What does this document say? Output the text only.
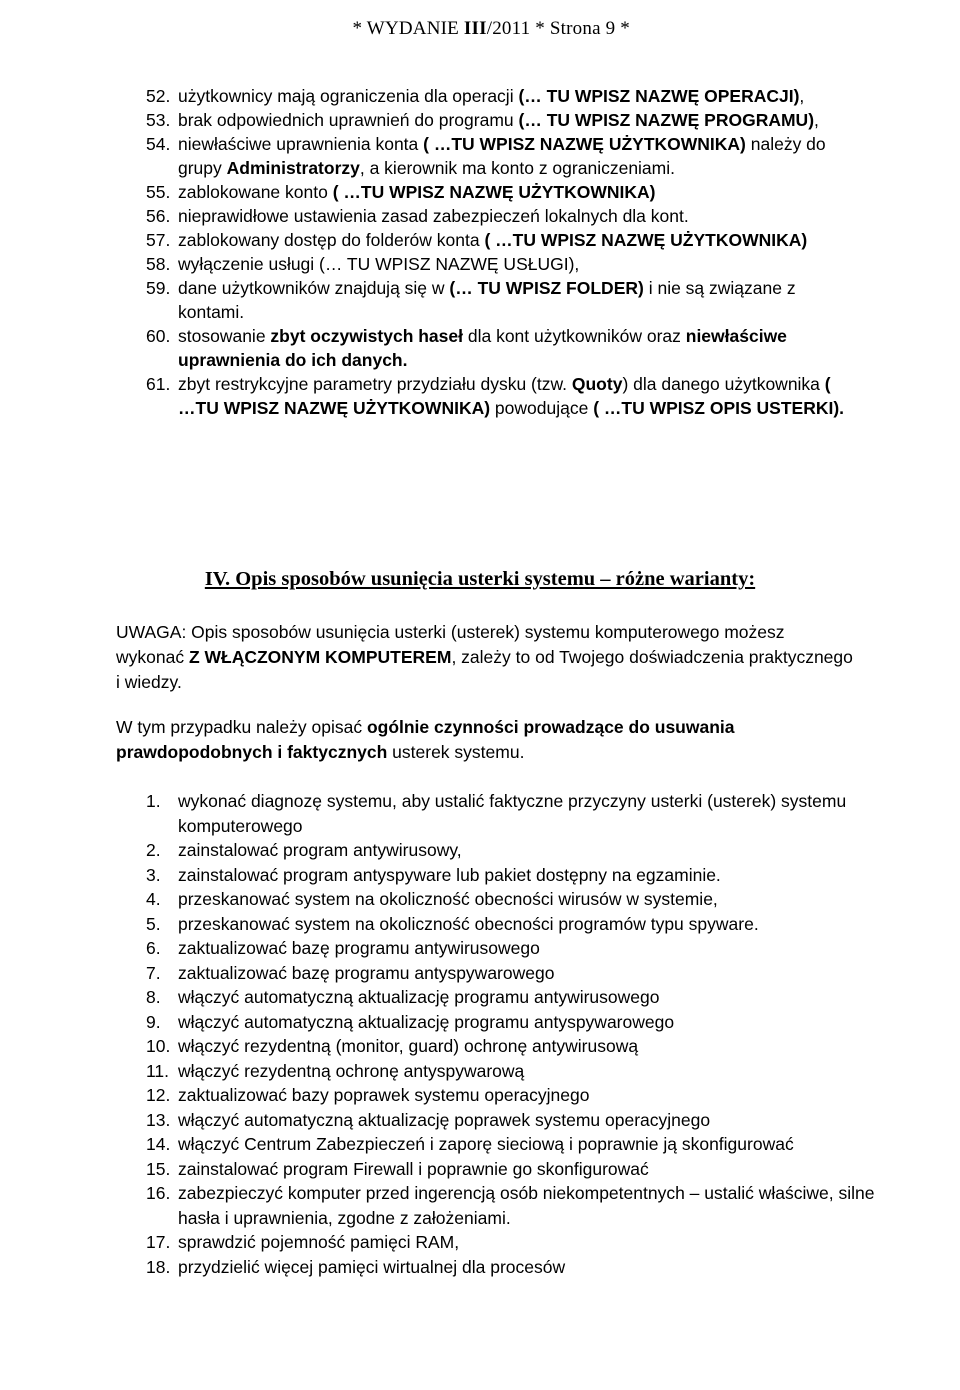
* WYDANIE III/2011 * Strona 9 *
52. użytkownicy mają ograniczenia dla operacji (… TU WPISZ NAZWĘ OPERACJI),
53. brak odpowiednich uprawnień do programu (… TU WPISZ NAZWĘ PROGRAMU),
54. niewłaściwe uprawnienia konta ( …TU WPISZ NAZWĘ UŻYTKOWNIKA) należy do grupy Administratorzy, a kierownik ma konto z ograniczeniami.
55. zablokowane konto ( …TU WPISZ NAZWĘ UŻYTKOWNIKA)
56. nieprawidłowe ustawienia zasad zabezpieczeń lokalnych dla kont.
57. zablokowany dostęp do folderów konta ( …TU WPISZ NAZWĘ UŻYTKOWNIKA)
58. wyłączenie usługi (… TU WPISZ NAZWĘ USŁUGI),
59. dane użytkowników znajdują się w (… TU WPISZ FOLDER) i nie są związane z kontami.
60. stosowanie zbyt oczywistych haseł dla kont użytkowników oraz niewłaściwe uprawnienia do ich danych.
61. zbyt restrykcyjne parametry przydziału dysku (tzw. Quoty) dla danego użytkownika ( …TU WPISZ NAZWĘ UŻYTKOWNIKA) powodujące ( …TU WPISZ OPIS USTERKI).
IV. Opis sposobów usunięcia usterki systemu – różne warianty:
UWAGA: Opis sposobów usunięcia usterki (usterek) systemu komputerowego możesz wykonać Z WŁĄCZONYM KOMPUTEREM, zależy to od Twojego doświadczenia praktycznego i wiedzy.
W tym przypadku należy opisać ogólnie czynności prowadzące do usuwania prawdopodobnych i faktycznych usterek systemu.
1. wykonać diagnozę systemu, aby ustalić faktyczne przyczyny usterki (usterek) systemu komputerowego
2. zainstalować program antywirusowy,
3. zainstalować program antyspyware lub pakiet dostępny na egzaminie.
4. przeskanować system na okoliczność obecności wirusów w systemie,
5. przeskanować system na okoliczność obecności programów typu spyware.
6. zaktualizować bazę programu antywirusowego
7. zaktualizować bazę programu antyspywarowego
8. włączyć automatyczną aktualizację programu antywirusowego
9. włączyć automatyczną aktualizację programu antyspywarowego
10. włączyć rezydentną (monitor, guard) ochronę antywirusową
11. włączyć rezydentną ochronę antyspywarową
12. zaktualizować bazy poprawek systemu operacyjnego
13. włączyć automatyczną aktualizację poprawek systemu operacyjnego
14. włączyć Centrum Zabezpieczeń i zaporę sieciową i poprawnie ją skonfigurować
15. zainstalować program Firewall i poprawnie go skonfigurować
16. zabezpieczyć komputer przed ingerencją osób niekompetentnych – ustalić właściwe, silne hasła i uprawnienia, zgodne z założeniami.
17. sprawdzić pojemność pamięci RAM,
18. przydzielić więcej pamięci wirtualnej dla procesów
